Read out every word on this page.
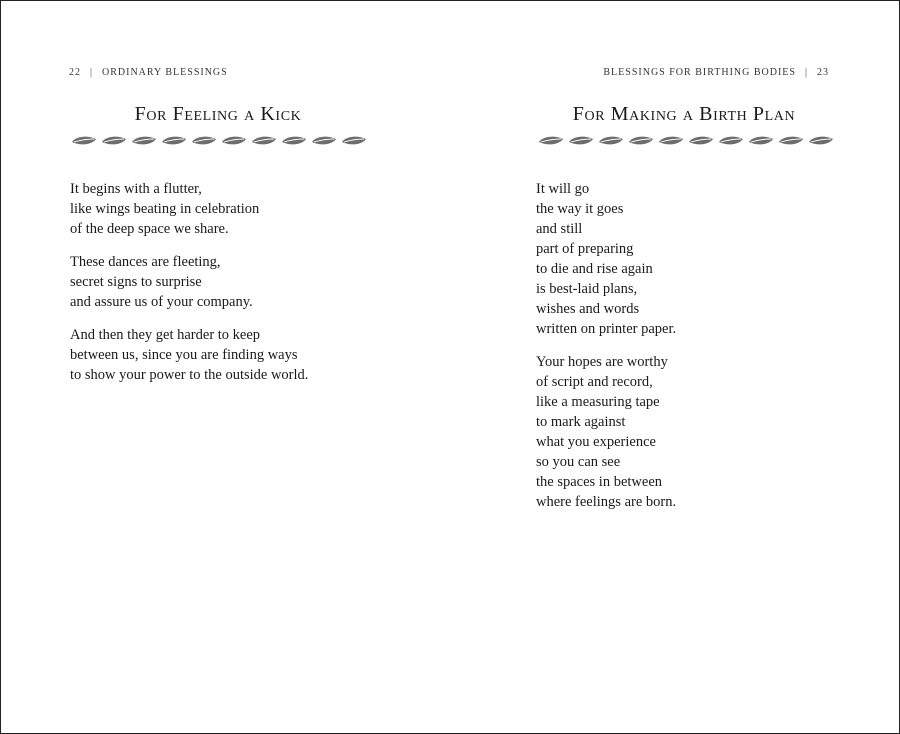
22 | ORDINARY BLESSINGS
For Feeling a Kick
It begins with a flutter,
like wings beating in celebration
of the deep space we share.
These dances are fleeting,
secret signs to surprise
and assure us of your company.
And then they get harder to keep
between us, since you are finding ways
to show your power to the outside world.
BLESSINGS FOR BIRTHING BODIES | 23
For Making a Birth Plan
It will go
the way it goes
and still
part of preparing
to die and rise again
is best-laid plans,
wishes and words
written on printer paper.
Your hopes are worthy
of script and record,
like a measuring tape
to mark against
what you experience
so you can see
the spaces in between
where feelings are born.
